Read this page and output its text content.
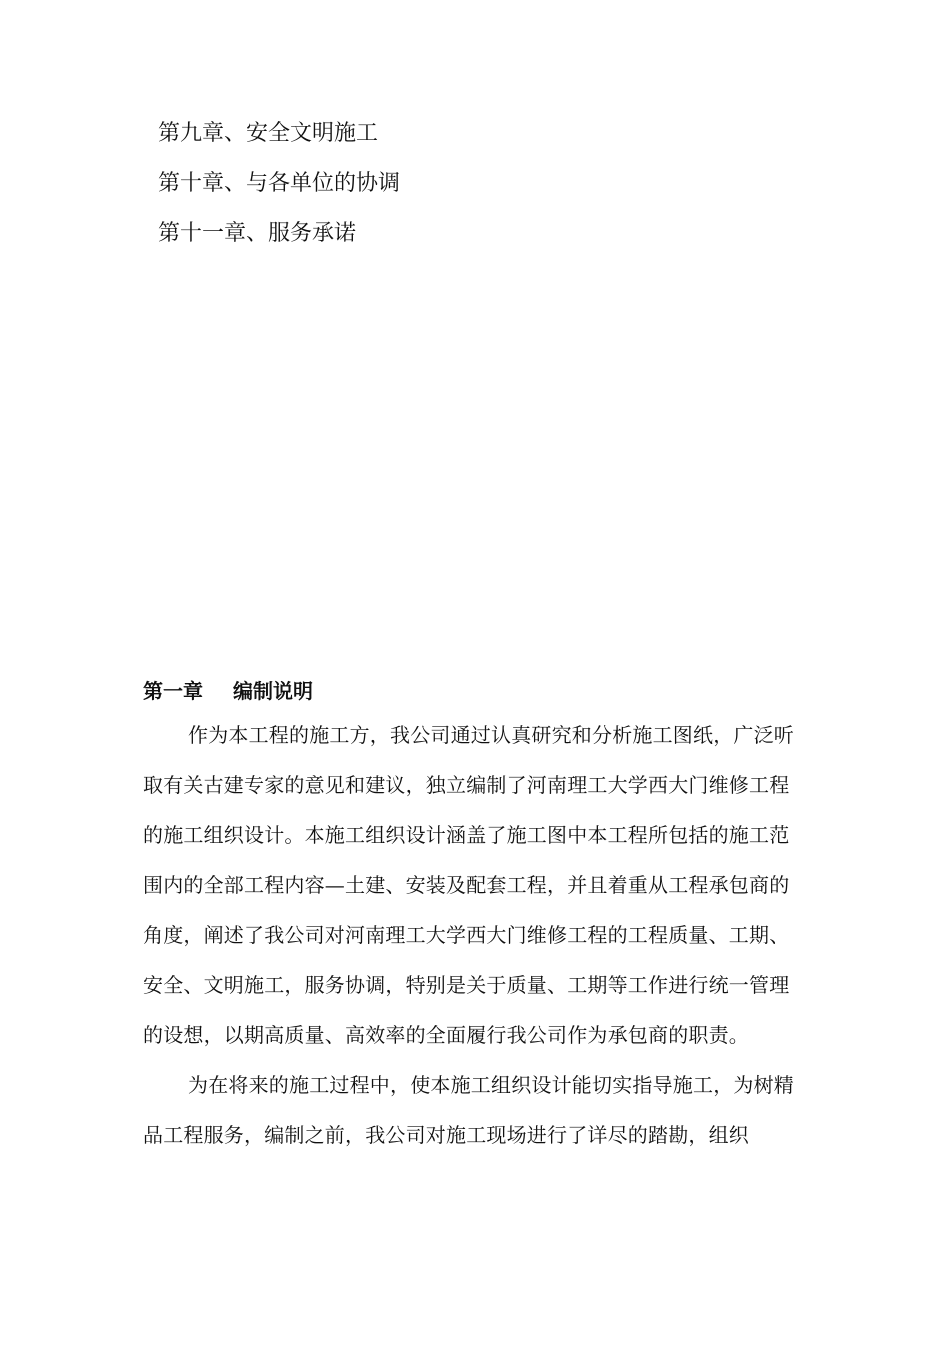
第九章、安全文明施工
第十章、与各单位的协调
第十一章、服务承诺
第一章 编制说明

作为本工程的施工方，我公司通过认真研究和分析施工图纸，广泛听取有关古建专家的意见和建议，独立编制了河南理工大学西大门维修工程的施工组织设计。本施工组织设计涵盖了施工图中本工程所包括的施工范围内的全部工程内容—土建、安装及配套工程，并且着重从工程承包商的角度，阐述了我公司对河南理工大学西大门维修工程的工程质量、工期、安全、文明施工，服务协调，特别是关于质量、工期等工作进行统一管理的设想，以期高质量、高效率的全面履行我公司作为承包商的职责。

为在将来的施工过程中，使本施工组织设计能切实指导施工，为树精品工程服务，编制之前，我公司对施工现场进行了详尽的踏勘，组织
